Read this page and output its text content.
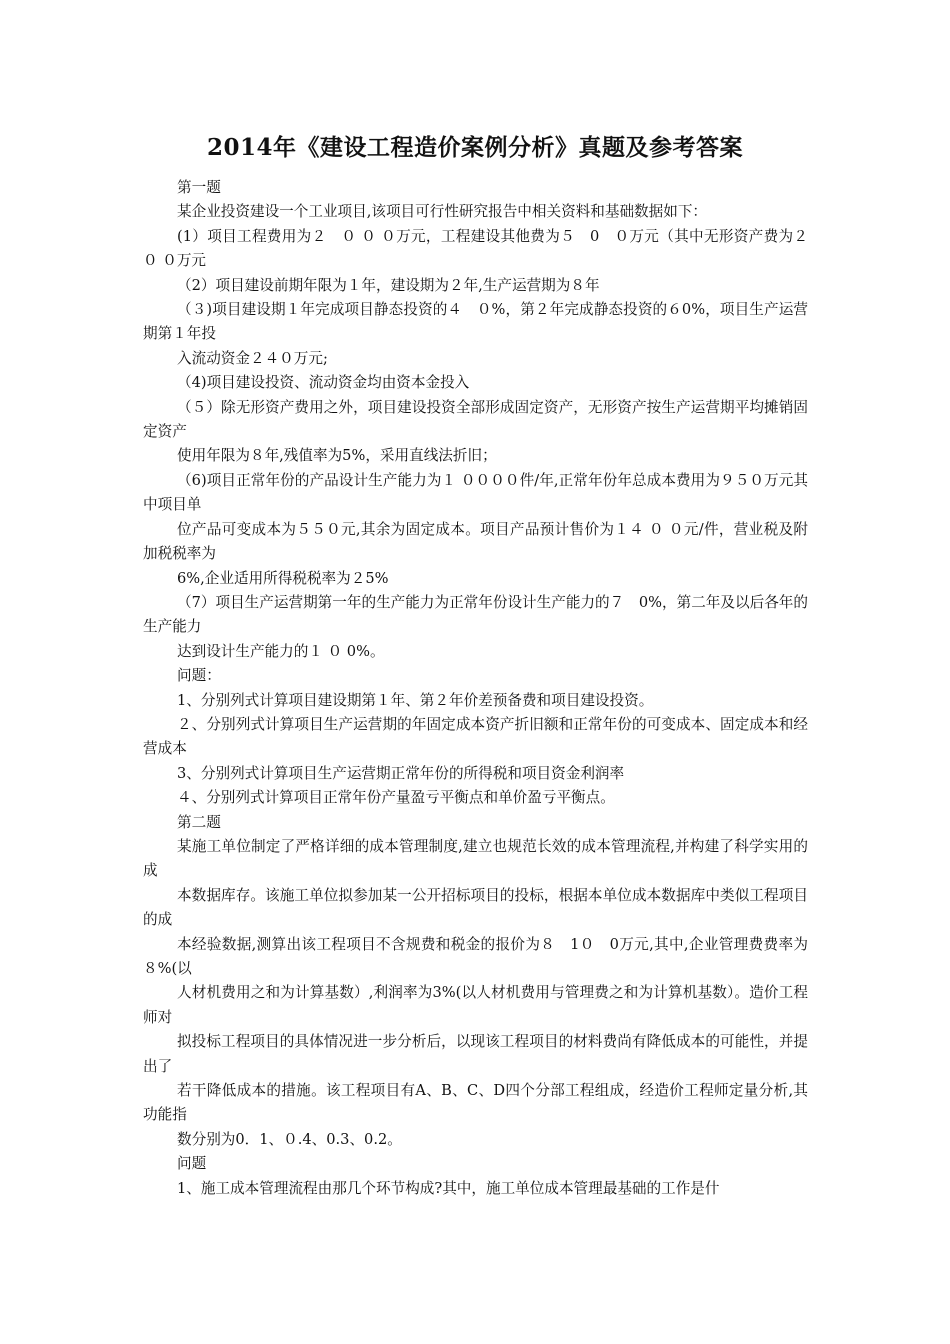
2014年《建设工程造价案例分析》真题及参考答案

第一题

某企业投资建设一个工业项目,该项目可行性研究报告中相关资料和基础数据如下：

(1）项目工程费用为２　０ ０ ０万元，工程建设其他费为５　0　０万元（其中无形资产费为２０ ０万元

（2）项目建设前期年限为１年，建设期为２年,生产运营期为８年

（３)项目建设期１年完成项目静态投资的４　０%，第２年完成静态投资的６0%，项目生产运营期第１年投

入流动资金２４０万元;

（4)项目建设投资、流动资金均由资本金投入

（５）除无形资产费用之外，项目建设投资全部形成固定资产，无形资产按生产运营期平均摊销固定资产

使用年限为８年,残值率为5%，采用直线法折旧；

（6)项目正常年份的产品设计生产能力为１ ００００件/年,正常年份年总成本费用为９５０万元其中项目单

位产品可变成本为５５０元,其余为固定成本。项目产品预计售价为１４ ０ ０元/件，营业税及附加税税率为

6%,企业适用所得税税率为２5%

（7）项目生产运营期第一年的生产能力为正常年份设计生产能力的７　0%，第二年及以后各年的生产能力

达到设计生产能力的１ ０ 0%。

问题：

1、分别列式计算项目建设期第１年、第２年价差预备费和项目建设投资。

２、分别列式计算项目生产运营期的年固定成本资产折旧额和正常年份的可变成本、固定成本和经营成本

3、分别列式计算项目生产运营期正常年份的所得税和项目资金利润率

４、分别列式计算项目正常年份产量盈亏平衡点和单价盈亏平衡点。

第二题

某施工单位制定了严格详细的成本管理制度,建立也规范长效的成本管理流程,并构建了科学实用的成

本数据库存。该施工单位拟参加某一公开招标项目的投标，根据本单位成本数据库中类似工程项目的成

本经验数据,测算出该工程项目不含规费和税金的报价为８　1０　0万元,其中,企业管理费费率为８%(以

人材机费用之和为计算基数）,利润率为3%(以人材机费用与管理费之和为计算机基数）。造价工程师对

拟投标工程项目的具体情况进一步分析后，以现该工程项目的材料费尚有降低成本的可能性，并提出了

若干降低成本的措施。该工程项目有A、B、C、D四个分部工程组成，经造价工程师定量分析,其功能指

数分别为0．1、０.4、0.3、0.2。

问题

1、施工成本管理流程由那几个环节构成?其中，施工单位成本管理最基础的工作是什
